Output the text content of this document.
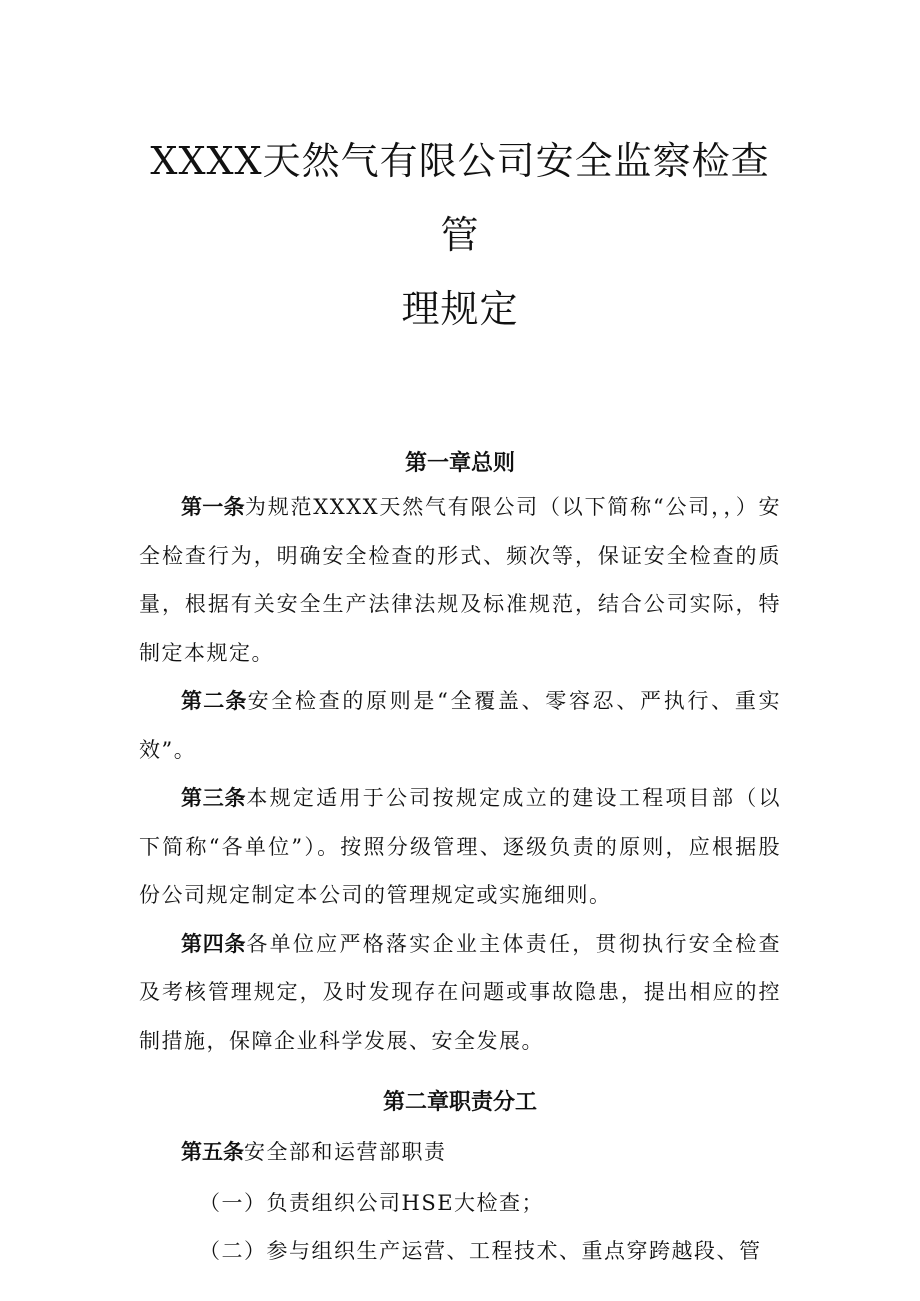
XXXX天然气有限公司安全监察检查管
理规定
第一章总则

第一条为规范XXXX天然气有限公司（以下简称“公司，，）安全检查行为，明确安全检查的形式、频次等，保证安全检查的质量，根据有关安全生产法律法规及标准规范，结合公司实际，特制定本规定。

第二条安全检查的原则是“全覆盖、零容忍、严执行、重实效”。

第三条本规定适用于公司按规定成立的建设工程项目部（以下简称“各单位”）。按照分级管理、逐级负责的原则，应根据股份公司规定制定本公司的管理规定或实施细则。

第四条各单位应严格落实企业主体责任，贯彻执行安全检查及考核管理规定，及时发现存在问题或事故隐患，提出相应的控制措施，保障企业科学发展、安全发展。

第二章职责分工

第五条安全部和运营部职责

（一）负责组织公司HSE大检查；

（二）参与组织生产运营、工程技术、重点穿跨越段、管
